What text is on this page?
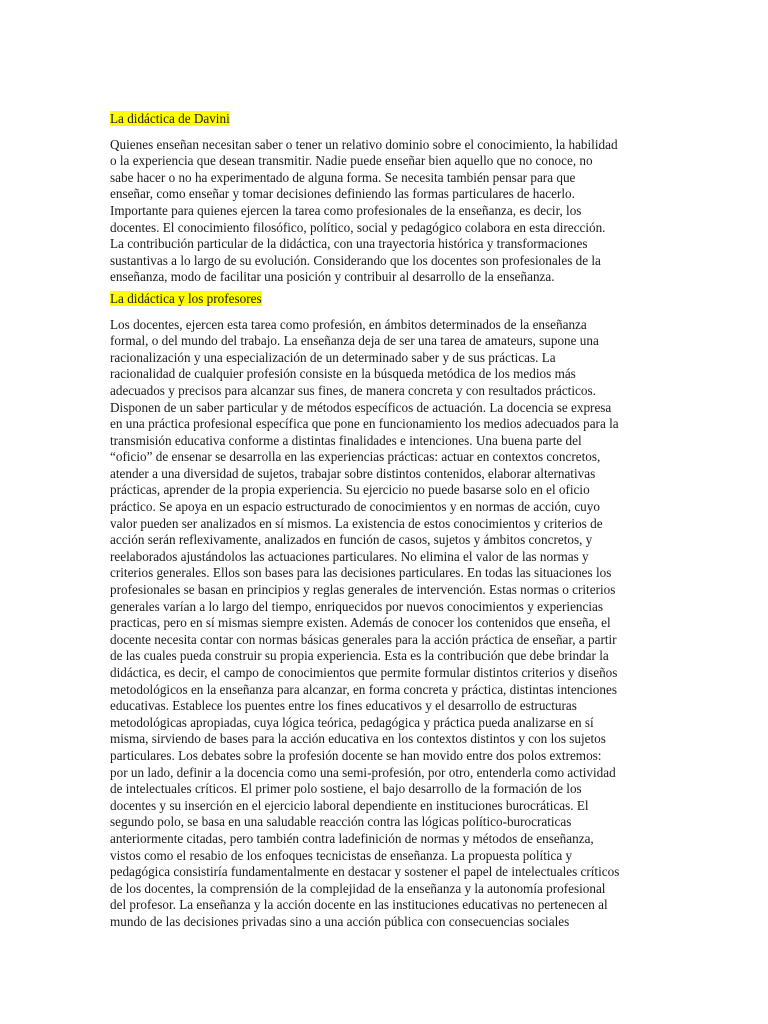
La didáctica de Davini

Quienes enseñan necesitan saber o tener un relativo dominio sobre el conocimiento, la habilidad
o la experiencia que desean transmitir. Nadie puede enseñar bien aquello que no conoce, no
sabe hacer o no ha experimentado de alguna forma. Se necesita también pensar para que
enseñar, como enseñar y tomar decisiones definiendo las formas particulares de hacerlo.
Importante para quienes ejercen la tarea como profesionales de la enseñanza, es decir, los
docentes. El conocimiento filosófico, político, social y pedagógico colabora en esta dirección.
La contribución particular de la didáctica, con una trayectoria histórica y transformaciones
sustantivas a lo largo de su evolución. Considerando que los docentes son profesionales de la
enseñanza, modo de facilitar una posición y contribuir al desarrollo de la enseñanza.

La didáctica y los profesores

Los docentes, ejercen esta tarea como profesión, en ámbitos determinados de la enseñanza
formal, o del mundo del trabajo. La enseñanza deja de ser una tarea de amateurs, supone una
racionalización y una especialización de un determinado saber y de sus prácticas. La
racionalidad de cualquier profesión consiste en la búsqueda metódica de los medios más
adecuados y precisos para alcanzar sus fines, de manera concreta y con resultados prácticos.
Disponen de un saber particular y de métodos específicos de actuación. La docencia se expresa
en una práctica profesional específica que pone en funcionamiento los medios adecuados para la
transmisión educativa conforme a distintas finalidades e intenciones. Una buena parte del
“oficio” de ensenar se desarrolla en las experiencias prácticas: actuar en contextos concretos,
atender a una diversidad de sujetos, trabajar sobre distintos contenidos, elaborar alternativas
prácticas, aprender de la propia experiencia. Su ejercicio no puede basarse solo en el oficio
práctico. Se apoya en un espacio estructurado de conocimientos y en normas de acción, cuyo
valor pueden ser analizados en sí mismos. La existencia de estos conocimientos y criterios de
acción serán reflexivamente, analizados en función de casos, sujetos y ámbitos concretos, y
reelaborados ajustándolos las actuaciones particulares. No elimina el valor de las normas y
criterios generales. Ellos son bases para las decisiones particulares. En todas las situaciones los
profesionales se basan en principios y reglas generales de intervención. Estas normas o criterios
generales varían a lo largo del tiempo, enriquecidos por nuevos conocimientos y experiencias
practicas, pero en sí mismas siempre existen. Además de conocer los contenidos que enseña, el
docente necesita contar con normas básicas generales para la acción práctica de enseñar, a partir
de las cuales pueda construir su propia experiencia. Esta es la contribución que debe brindar la
didáctica, es decir, el campo de conocimientos que permite formular distintos criterios y diseños
metodológicos en la enseñanza para alcanzar, en forma concreta y práctica, distintas intenciones
educativas. Establece los puentes entre los fines educativos y el desarrollo de estructuras
metodológicas apropiadas, cuya lógica teórica, pedagógica y práctica pueda analizarse en sí
misma, sirviendo de bases para la acción educativa en los contextos distintos y con los sujetos
particulares. Los debates sobre la profesión docente se han movido entre dos polos extremos:
por un lado, definir a la docencia como una semi-profesión, por otro, entenderla como actividad
de intelectuales críticos. El primer polo sostiene, el bajo desarrollo de la formación de los
docentes y su inserción en el ejercicio laboral dependiente en instituciones burocráticas. El
segundo polo, se basa en una saludable reacción contra las lógicas político-burocraticas
anteriormente citadas, pero también contra ladefinición de normas y métodos de enseñanza,
vistos como el resabio de los enfoques tecnicistas de enseñanza. La propuesta política y
pedagógica consistiría fundamentalmente en destacar y sostener el papel de intelectuales críticos
de los docentes, la comprensión de la complejidad de la enseñanza y la autonomía profesional
del profesor. La enseñanza y la acción docente en las instituciones educativas no pertenecen al
mundo de las decisiones privadas sino a una acción pública con consecuencias sociales
